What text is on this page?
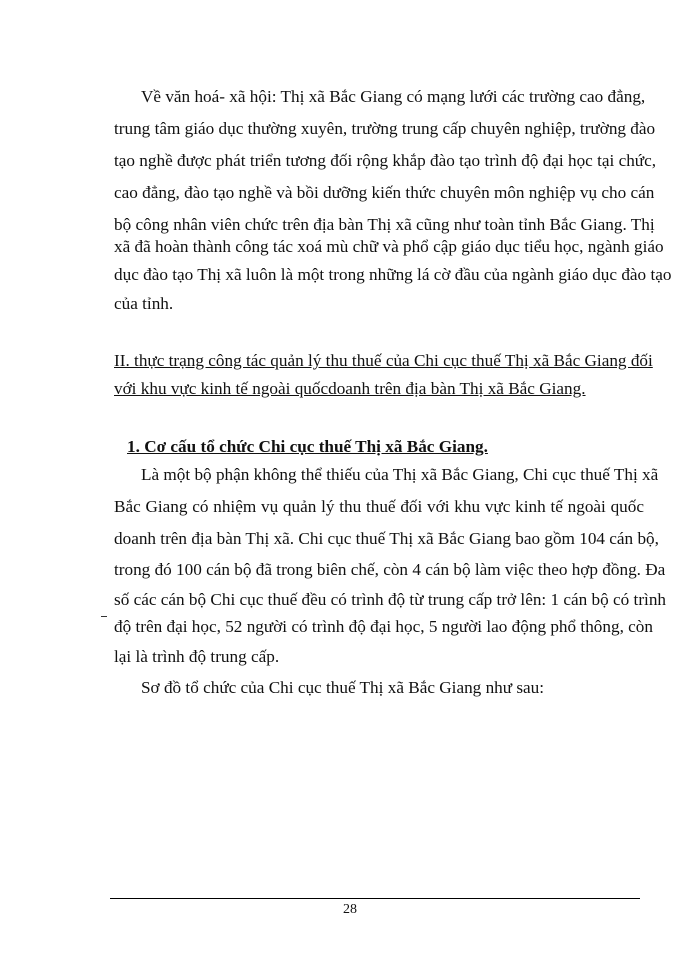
Về văn hoá- xã hội: Thị xã Bắc Giang có mạng lưới các trường cao đẳng,
trung tâm giáo dục thường xuyên, trường trung cấp chuyên nghiệp, trường đào
tạo nghề được phát triển tương đối rộng khắp đào tạo trình độ đại học tại chức,
cao đẳng, đào tạo nghề và bồi dưỡng kiến thức chuyên môn nghiệp vụ cho cán
bộ công nhân viên chức trên địa bàn Thị xã cũng như toàn tỉnh Bắc Giang. Thị
xã đã hoàn thành công tác xoá mù chữ và phổ cập giáo dục tiểu học, ngành giáo
dục đào tạo Thị xã luôn là một trong những lá cờ đầu của ngành giáo dục đào tạo
của tỉnh.
II. thực trạng công tác quản lý thu thuế của Chi cục thuế Thị xã Bắc Giang đối
với khu vực kinh tế ngoài quốcdoanh trên địa bàn Thị xã Bắc Giang.
1. Cơ cấu tổ chức Chi cục thuế Thị xã Bắc Giang.
Là một bộ phận không thể thiếu của Thị xã Bắc Giang, Chi cục thuế Thị xã
Bắc Giang có nhiệm vụ quản lý thu thuế đối với khu vực kinh tế ngoài quốc
doanh trên địa bàn Thị xã. Chi cục thuế Thị xã Bắc Giang bao gồm 104 cán bộ,
trong đó 100 cán bộ đã trong biên chế, còn 4 cán bộ làm việc theo hợp đồng. Đa
số các cán bộ Chi cục thuế đều có trình độ từ trung cấp trở lên: 1 cán bộ có trình
độ trên đại học, 52 người có trình độ đại học, 5 người lao động phổ thông, còn
lại là trình độ trung cấp.
Sơ đồ tổ chức của Chi cục thuế Thị xã Bắc Giang như sau:
28
